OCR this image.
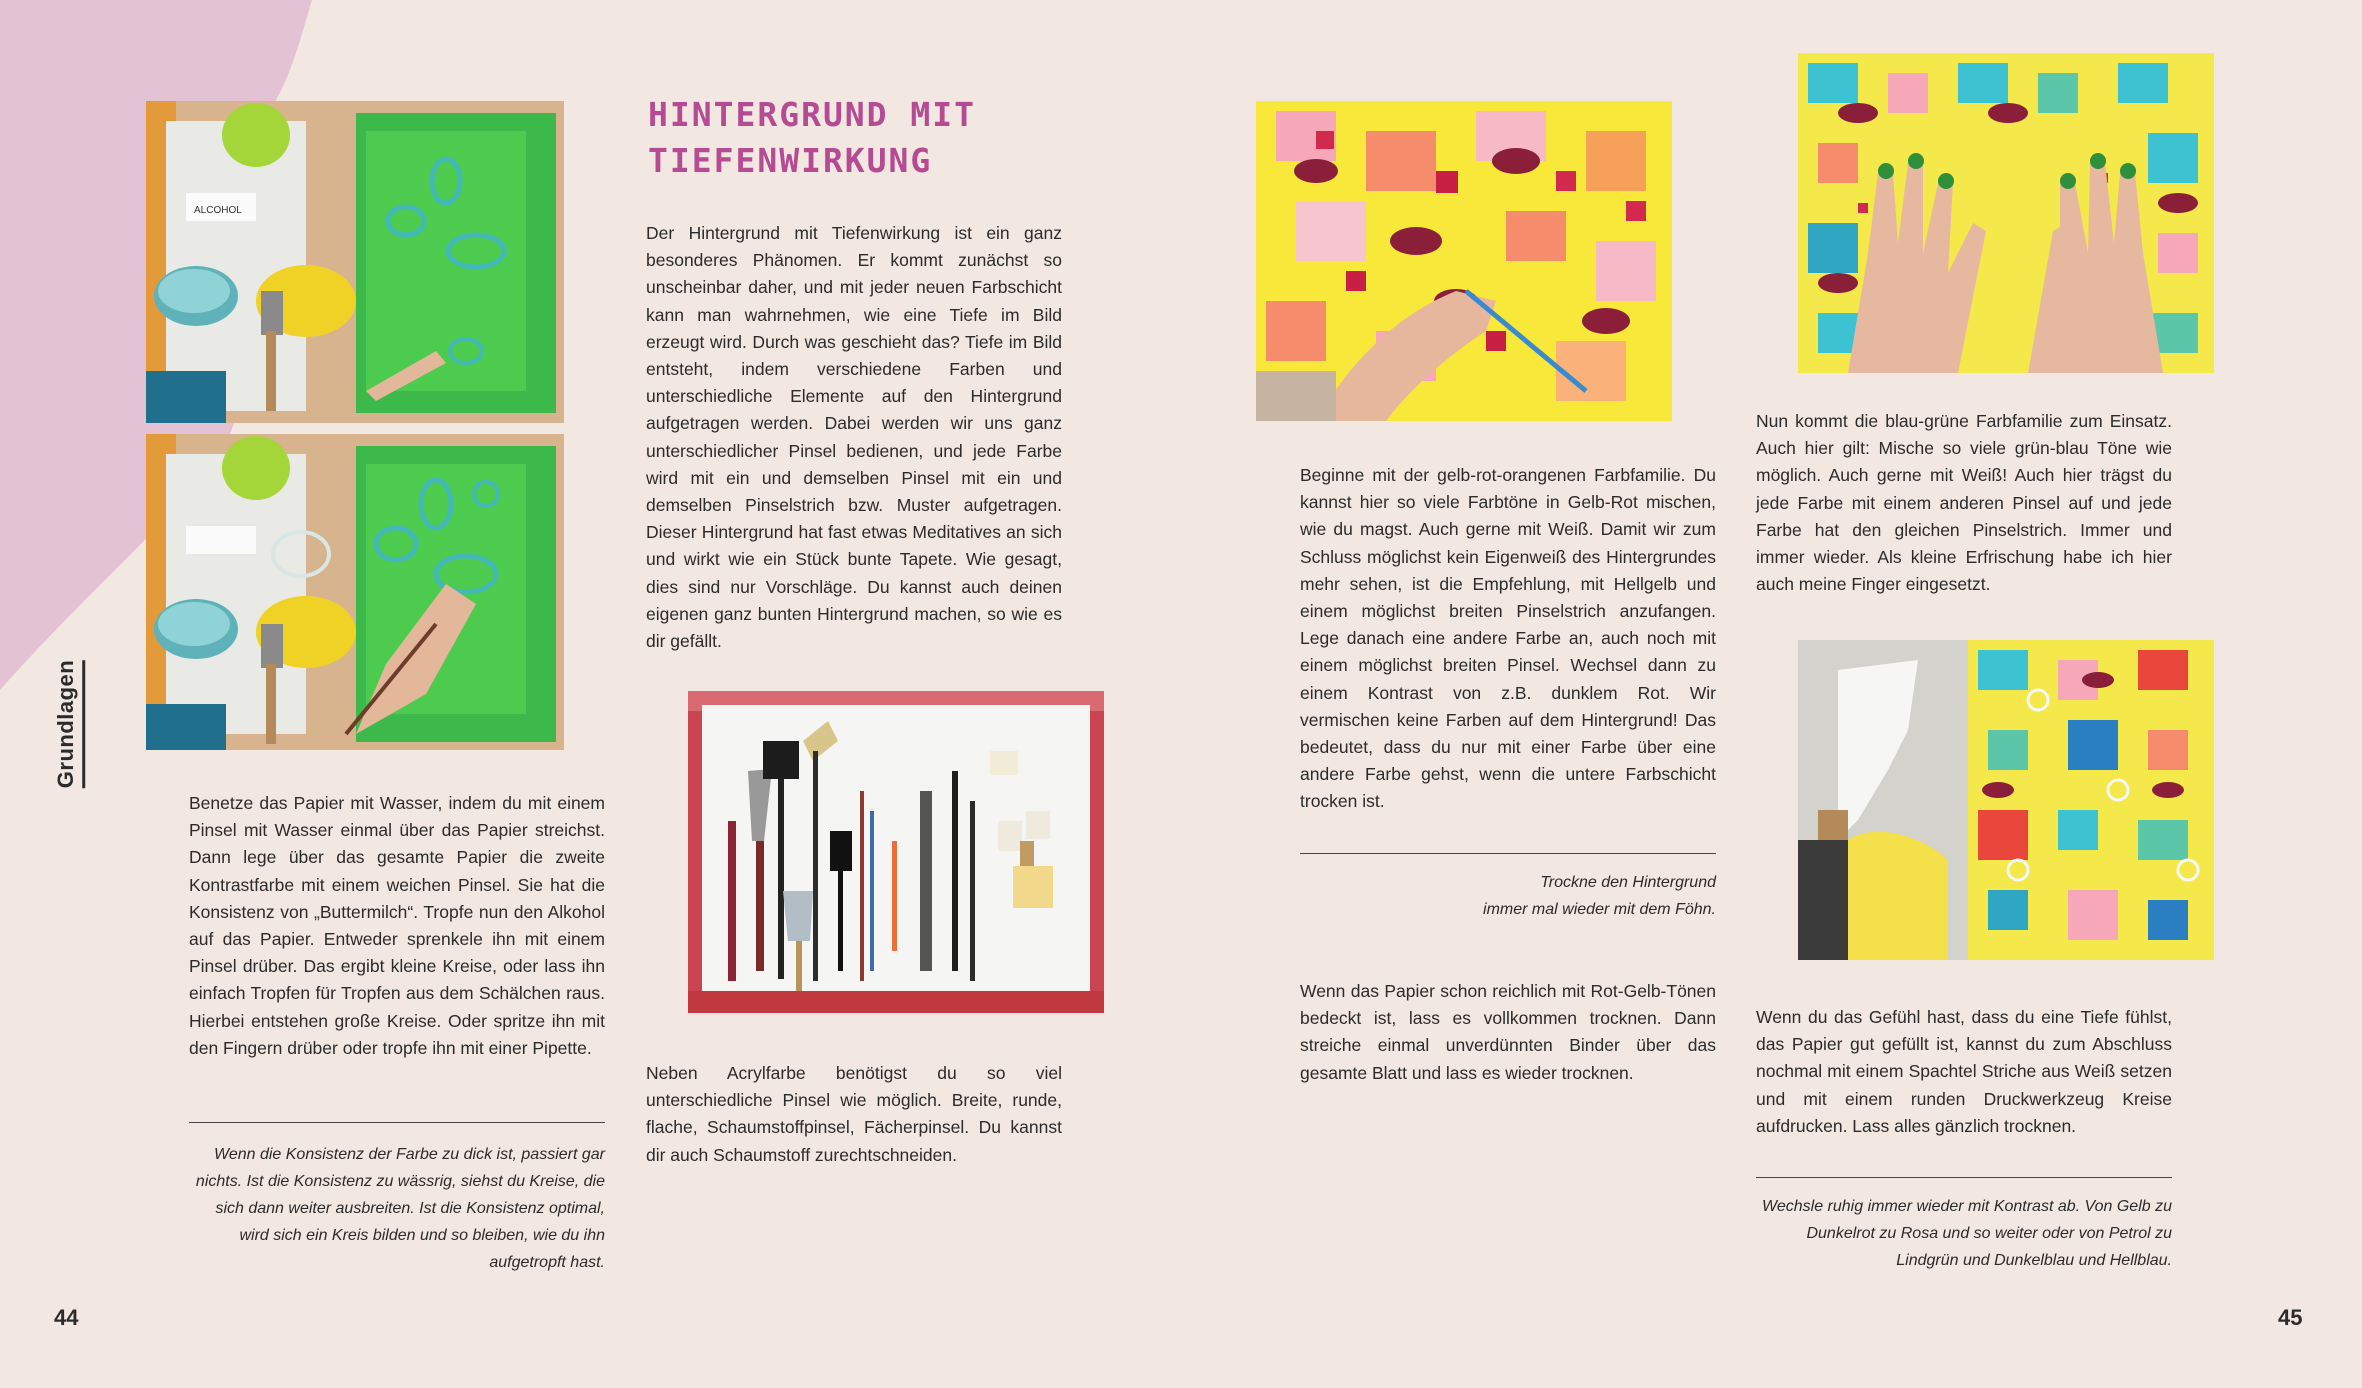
Grundlagen
ALCOHOL

Benetze das Papier mit Wasser, indem du mit einem Pinsel mit Wasser einmal über das Papier streichst. Dann lege über das gesamte Papier die zweite Kontrastfarbe mit einem weichen Pinsel. Sie hat die Konsistenz von „Buttermilch“. Tropfe nun den Alkohol auf das Papier. Entweder sprenkele ihn mit einem Pinsel drüber. Das ergibt kleine Kreise, oder lass ihn einfach Tropfen für Tropfen aus dem Schälchen raus. Hierbei entstehen große Kreise. Oder spritze ihn mit den Fingern drüber oder tropfe ihn mit einer Pipette.

Wenn die Konsistenz der Farbe zu dick ist, passiert gar nichts. Ist die Konsistenz zu wässrig, siehst du Kreise, die sich dann weiter ausbreiten. Ist die Konsistenz optimal, wird sich ein Kreis bilden und so bleiben, wie du ihn aufgetropft hast.

HINTERGRUND MIT
TIEFENWIRKUNG

Der Hintergrund mit Tiefenwirkung ist ein ganz besonderes Phänomen. Er kommt zunächst so unscheinbar daher, und mit jeder neuen Farbschicht kann man wahrnehmen, wie eine Tiefe im Bild erzeugt wird. Durch was geschieht das? Tiefe im Bild entsteht, indem verschiedene Farben und unterschiedliche Elemente auf den Hintergrund aufgetragen werden. Dabei werden wir uns ganz unterschiedlicher Pinsel bedienen, und jede Farbe wird mit ein und demselben Pinsel mit ein und demselben Pinselstrich bzw. Muster aufgetragen. Dieser Hintergrund hat fast etwas Meditatives an sich und wirkt wie ein Stück bunte Tapete. Wie gesagt, dies sind nur Vorschläge. Du kannst auch deinen eigenen ganz bunten Hintergrund machen, so wie es dir gefällt.

Neben Acrylfarbe benötigst du so viel unterschiedliche Pinsel wie möglich. Breite, runde, flache, Schaumstoffpinsel, Fächerpinsel. Du kannst dir auch Schaumstoff zurechtschneiden.

Beginne mit der gelb-rot-orangenen Farbfamilie. Du kannst hier so viele Farbtöne in Gelb-Rot mischen, wie du magst. Auch gerne mit Weiß. Damit wir zum Schluss möglichst kein Eigenweiß des Hintergrundes mehr sehen, ist die Empfehlung, mit Hellgelb und einem möglichst breiten Pinselstrich anzufangen. Lege danach eine andere Farbe an, auch noch mit einem möglichst breiten Pinsel. Wechsel dann zu einem Kontrast von z.B. dunklem Rot. Wir vermischen keine Farben auf dem Hintergrund! Das bedeutet, dass du nur mit einer Farbe über eine andere Farbe gehst, wenn die untere Farbschicht trocken ist.

Trockne den Hintergrund
immer mal wieder mit dem Föhn.

Wenn das Papier schon reichlich mit Rot-Gelb-Tönen bedeckt ist, lass es vollkommen trocknen. Dann streiche einmal unverdünnten Binder über das gesamte Blatt und lass es wieder trocknen.

Nun kommt die blau-grüne Farbfamilie zum Einsatz. Auch hier gilt: Mische so viele grün-blau Töne wie möglich. Auch gerne mit Weiß! Auch hier trägst du jede Farbe mit einem anderen Pinsel auf und jede Farbe hat den gleichen Pinselstrich. Immer und immer wieder. Als kleine Erfrischung habe ich hier auch meine Finger eingesetzt.

Wenn du das Gefühl hast, dass du eine Tiefe fühlst, das Papier gut gefüllt ist, kannst du zum Abschluss nochmal mit einem Spachtel Striche aus Weiß setzen und mit einem runden Druckwerkzeug Kreise aufdrucken. Lass alles gänzlich trocknen.

Wechsle ruhig immer wieder mit Kontrast ab. Von Gelb zu Dunkelrot zu Rosa und so weiter oder von Petrol zu Lindgrün und Dunkelblau und Hellblau.

44	45
